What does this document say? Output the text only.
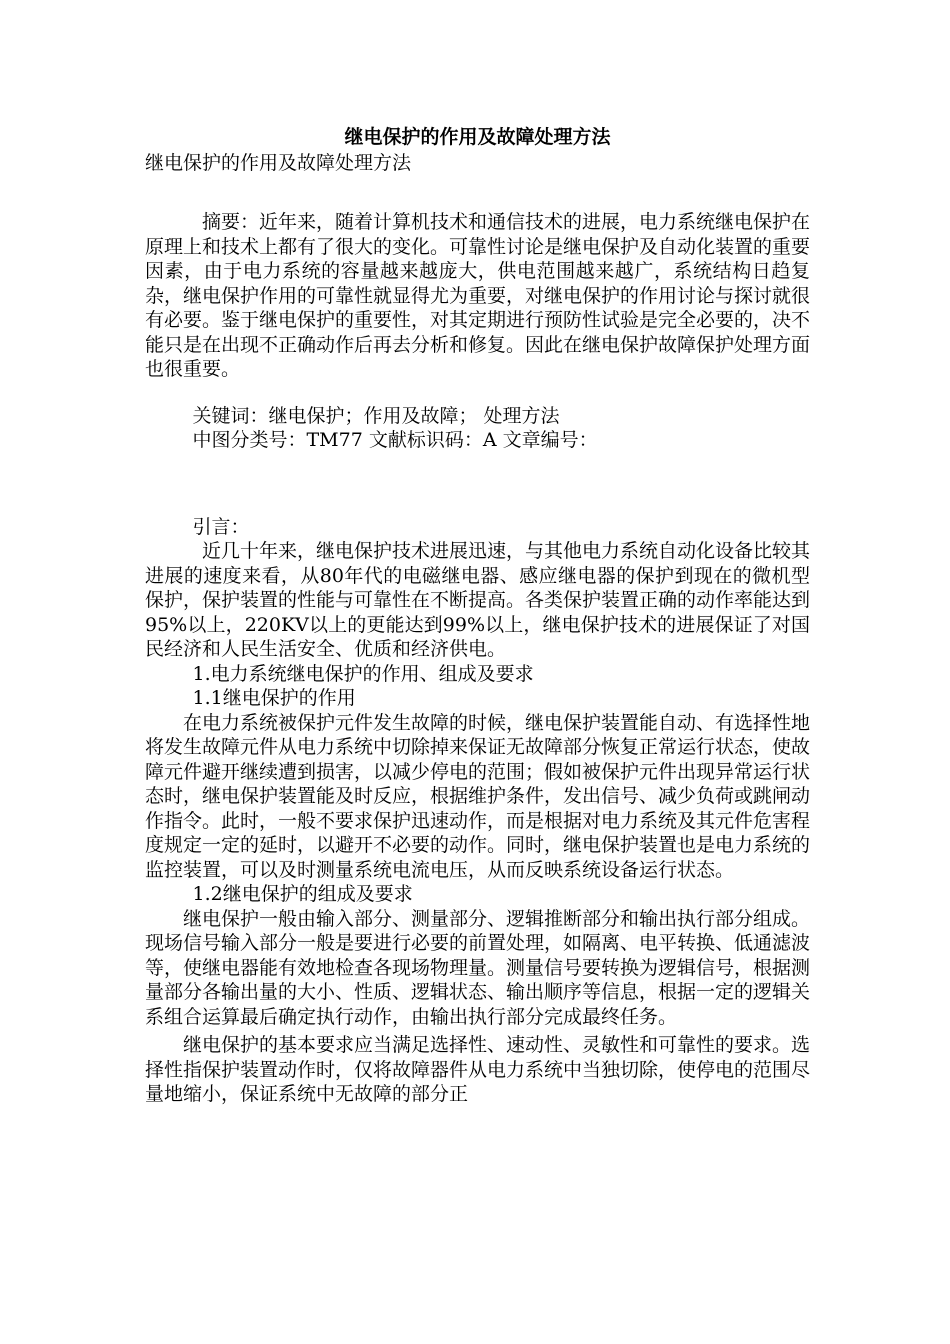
继电保护的作用及故障处理方法

继电保护的作用及故障处理方法

摘要：近年来，随着计算机技术和通信技术的进展，电力系统继电保护在原理上和技术上都有了很大的变化。可靠性讨论是继电保护及自动化装置的重要因素，由于电力系统的容量越来越庞大，供电范围越来越广，系统结构日趋复杂，继电保护作用的可靠性就显得尤为重要，对继电保护的作用讨论与探讨就很有必要。鉴于继电保护的重要性，对其定期进行预防性试验是完全必要的，决不能只是在出现不正确动作后再去分析和修复。因此在继电保护故障保护处理方面也很重要。

关键词：继电保护；作用及故障； 处理方法

中图分类号：TM77 文献标识码：A 文章编号：

引言：

近几十年来，继电保护技术进展迅速，与其他电力系统自动化设备比较其进展的速度来看，从80年代的电磁继电器、感应继电器的保护到现在的微机型保护，保护装置的性能与可靠性在不断提高。各类保护装置正确的动作率能达到95%以上，220KV以上的更能达到99%以上，继电保护技术的进展保证了对国民经济和人民生活安全、优质和经济供电。

1.电力系统继电保护的作用、组成及要求

1.1继电保护的作用

在电力系统被保护元件发生故障的时候，继电保护装置能自动、有选择性地将发生故障元件从电力系统中切除掉来保证无故障部分恢复正常运行状态，使故障元件避开继续遭到损害，以减少停电的范围；假如被保护元件出现异常运行状态时，继电保护装置能及时反应，根据维护条件，发出信号、减少负荷或跳闸动作指令。此时，一般不要求保护迅速动作，而是根据对电力系统及其元件危害程度规定一定的延时，以避开不必要的动作。同时，继电保护装置也是电力系统的监控装置，可以及时测量系统电流电压，从而反映系统设备运行状态。

1.2继电保护的组成及要求

继电保护一般由输入部分、测量部分、逻辑推断部分和输出执行部分组成。现场信号输入部分一般是要进行必要的前置处理，如隔离、电平转换、低通滤波等，使继电器能有效地检查各现场物理量。测量信号要转换为逻辑信号，根据测量部分各输出量的大小、性质、逻辑状态、输出顺序等信息，根据一定的逻辑关系组合运算最后确定执行动作，由输出执行部分完成最终任务。

继电保护的基本要求应当满足选择性、速动性、灵敏性和可靠性的要求。选择性指保护装置动作时，仅将故障器件从电力系统中当独切除，使停电的范围尽量地缩小，保证系统中无故障的部分正
